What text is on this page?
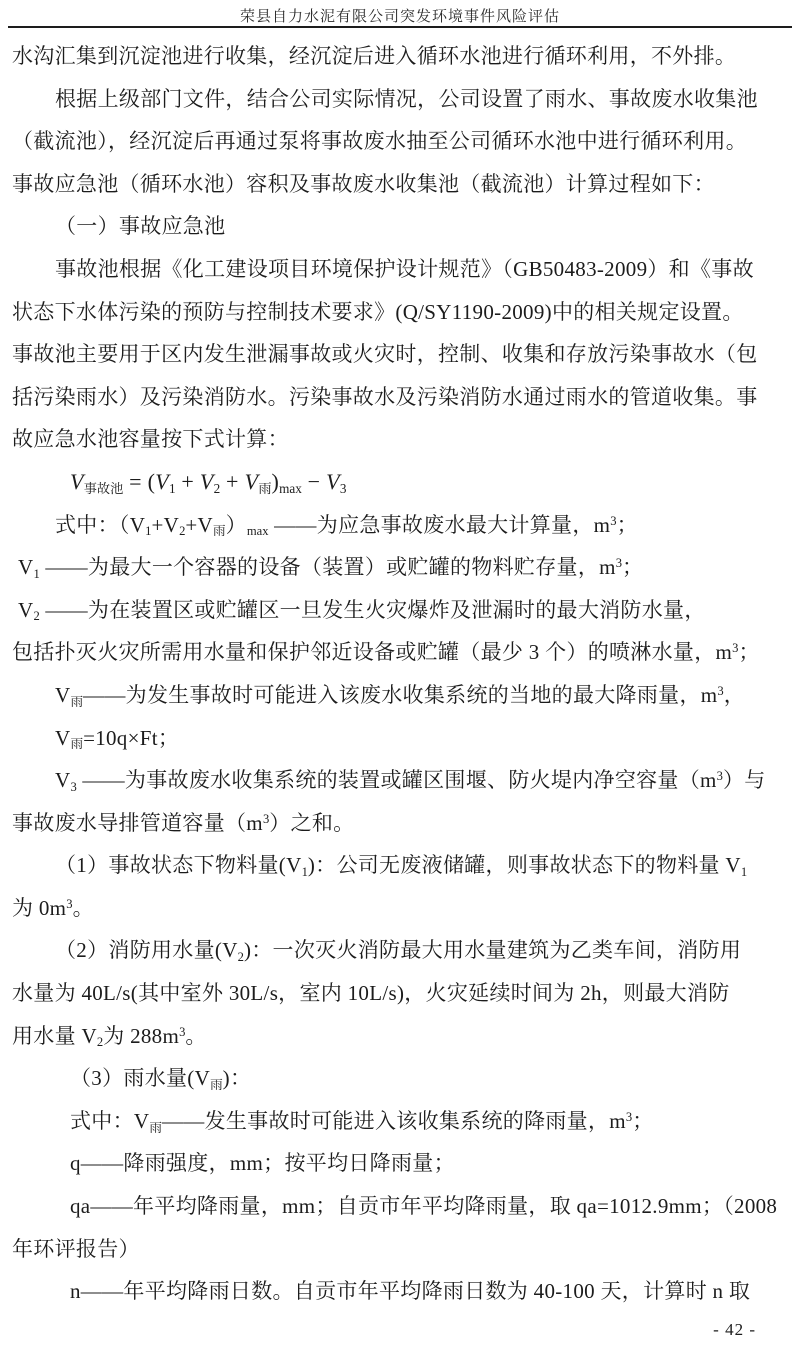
荣县自力水泥有限公司突发环境事件风险评估
水沟汇集到沉淀池进行收集，经沉淀后进入循环水池进行循环利用，不外排。
根据上级部门文件，结合公司实际情况，公司设置了雨水、事故废水收集池
（截流池），经沉淀后再通过泵将事故废水抽至公司循环水池中进行循环利用。
事故应急池（循环水池）容积及事故废水收集池（截流池）计算过程如下：
（一）事故应急池
事故池根据《化工建设项目环境保护设计规范》（GB50483-2009）和《事故
状态下水体污染的预防与控制技术要求》(Q/SY1190-2009)中的相关规定设置。
事故池主要用于区内发生泄漏事故或火灾时，控制、收集和存放污染事故水（包
括污染雨水）及污染消防水。污染事故水及污染消防水通过雨水的管道收集。事
故应急水池容量按下式计算：
$V_{事故池} = (V_1 + V_2 + V_雨)_{max} - V_3$
式中：$(V_1+V_2+V_雨)_{max}$ ——为应急事故废水最大计算量，$m^3$；
$V_1$ ——为最大一个容器的设备（装置）或贮罐的物料贮存量，$m^3$；
$V_2$ ——为在装置区或贮罐区一旦发生火灾爆炸及泄漏时的最大消防水量，
包括扑灭火灾所需用水量和保护邻近设备或贮罐（最少 3 个）的喷淋水量，$m^3$；
$V_雨——$为发生事故时可能进入该废水收集系统的当地的最大降雨量，$m^3$，
$V_雨=10q\times Ft$；
$V_3$ ——为事故废水收集系统的装置或罐区围堰、防火堤内净空容量$(m^3)$与
事故废水导排管道容量$(m^3)$之和。
（1）事故状态下物料量$(V_1)$：公司无废液储罐，则事故状态下的物料量 $V_1$
为 $0m^3$。
（2）消防用水量$(V_2)$：一次灭火消防最大用水量建筑为乙类车间，消防用
水量为 40L/s(其中室外 30L/s，室内 10L/s)，火灾延续时间为 2h，则最大消防
用水量 $V_2$为 $288m^3$。
（3）雨水量$(V_雨)$：
式中：$V_雨——$发生事故时可能进入该收集系统的降雨量，$m^3$；
q——降雨强度，mm；按平均日降雨量；
qa——年平均降雨量，mm；自贡市年平均降雨量，取 qa=1012.9mm；（2008
年环评报告）
n——年平均降雨日数。自贡市年平均降雨日数为 40-100 天，计算时 n 取
- 42 -
